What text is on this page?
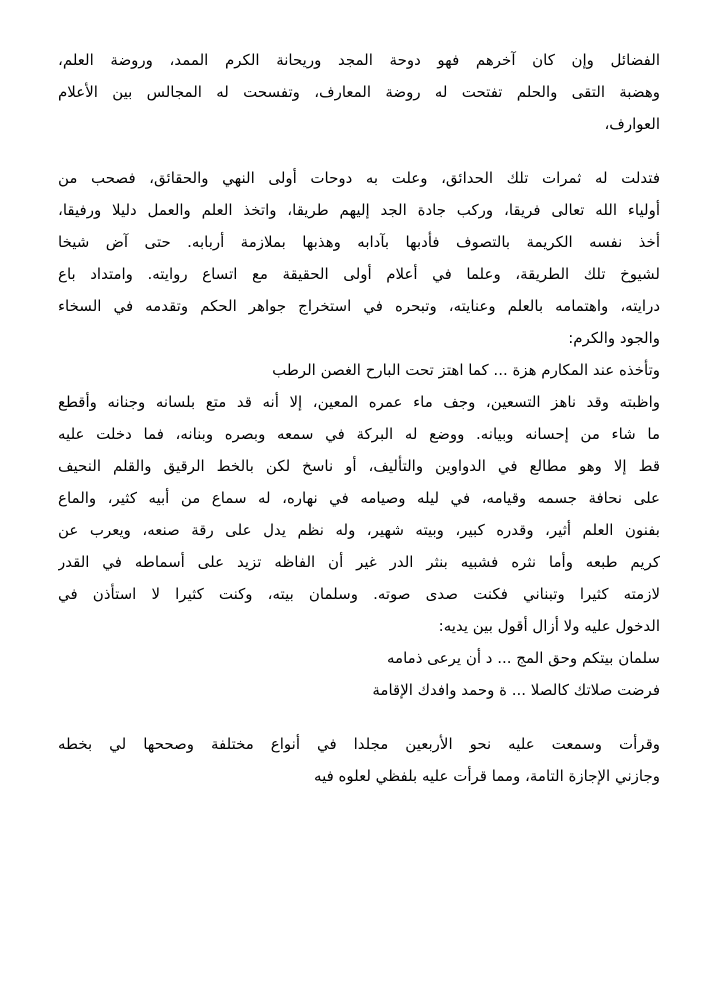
الفضائل وإن كان آخرهم فهو دوحة المجد وريحانة الكرم الممد، وروضة العلم،
وهضبة التقى والحلم تفتحت له روضة المعارف، وتفسحت له المجالس بين الأعلام
العوارف،
فتدلت له ثمرات تلك الحدائق، وعلت به دوحات أولى النهي والحقائق، فصحب من
أولياء الله تعالى فريقا، وركب جادة الجد إليهم طريقا، واتخذ العلم والعمل دليلا ورفيقا،
أخذ نفسه الكريمة بالتصوف فأدبها بآدابه وهذبها بملازمة أربابه. حتى آض شيخا
لشيوخ تلك الطريقة، وعلما في أعلام أولى الحقيقة مع اتساع روايته. وامتداد باع
درايته، واهتمامه بالعلم وعنايته، وتبحره في استخراج جواهر الحكم وتقدمه في السخاء
والجود والكرم:
وتأخذه عند المكارم هزة ... كما اهتز تحت البارح الغصن الرطب
واظبته وقد ناهز التسعين، وجف ماء عمره المعين، إلا أنه قد متع بلسانه وجنانه وأقطع
ما شاء من إحسانه وبيانه. ووضع له البركة في سمعه وبصره وبنانه، فما دخلت عليه
قط إلا وهو مطالع في الدواوين والتأليف، أو ناسخ لكن بالخط الرقيق والقلم النحيف
على نحافة جسمه وقيامه، في ليله وصيامه في نهاره، له سماع من أبيه كثير، والماع
بفنون العلم أثير، وقدره كبير، وبيته شهير، وله نظم يدل على رقة صنعه، ويعرب عن
كريم طبعه وأما نثره فشبيه بنثر الدر غير أن الفاظه تزيد على أسماطه في القدر
لازمته كثيرا وتبناني فكنت صدى صوته. وسلمان بيته، وكنت كثيرا لا استأذن في
الدخول عليه ولا أزال أقول بين يديه:
سلمان بيتكم وحق المج ... د أن يرعى ذمامه
فرضت صلاتك كالصلا ... ة وحمد وافدك الإقامة
وقرأت وسمعت عليه نحو الأربعين مجلدا في أنواع مختلفة وصححها لي بخطه
وجازني الإجازة التامة، ومما قرأت عليه بلفظي لعلوه فيه
